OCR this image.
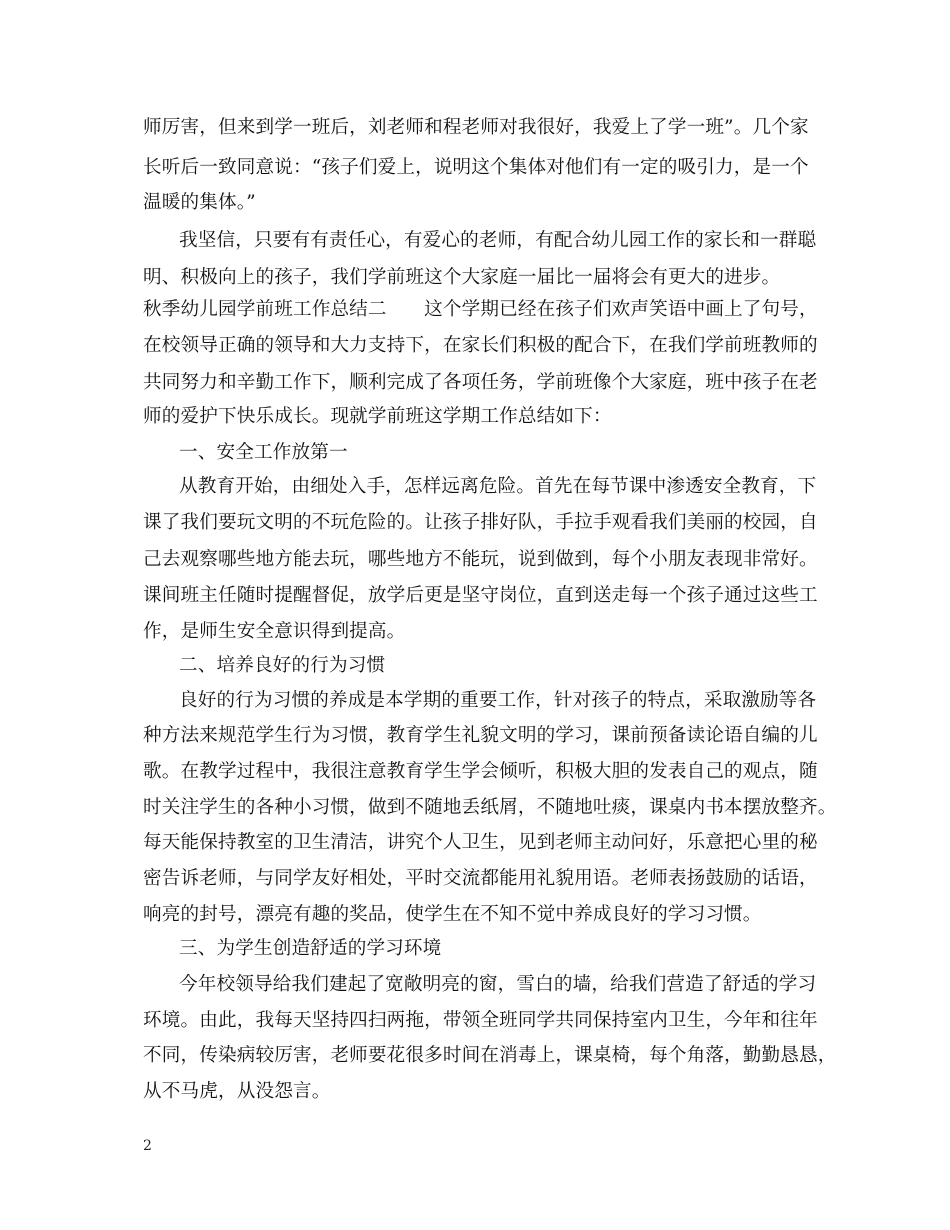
师厉害，但来到学一班后，刘老师和程老师对我很好，我爱上了学一班”。几个家
长听后一致同意说：“孩子们爱上，说明这个集体对他们有一定的吸引力，是一个
温暖的集体。”
我坚信，只要有有责任心，有爱心的老师，有配合幼儿园工作的家长和一群聪
明、积极向上的孩子，我们学前班这个大家庭一届比一届将会有更大的进步。
秋季幼儿园学前班工作总结二　　这个学期已经在孩子们欢声笑语中画上了句号，
在校领导正确的领导和大力支持下，在家长们积极的配合下，在我们学前班教师的
共同努力和辛勤工作下，顺利完成了各项任务，学前班像个大家庭，班中孩子在老
师的爱护下快乐成长。现就学前班这学期工作总结如下：
一、安全工作放第一
从教育开始，由细处入手，怎样远离危险。首先在每节课中渗透安全教育，下
课了我们要玩文明的不玩危险的。让孩子排好队，手拉手观看我们美丽的校园，自
己去观察哪些地方能去玩，哪些地方不能玩，说到做到，每个小朋友表现非常好。
课间班主任随时提醒督促，放学后更是坚守岗位，直到送走每一个孩子通过这些工
作，是师生安全意识得到提高。
二、培养良好的行为习惯
良好的行为习惯的养成是本学期的重要工作，针对孩子的特点，采取激励等各
种方法来规范学生行为习惯，教育学生礼貌文明的学习，课前预备读论语自编的儿
歌。在教学过程中，我很注意教育学生学会倾听，积极大胆的发表自己的观点，随
时关注学生的各种小习惯，做到不随地丢纸屑，不随地吐痰，课桌内书本摆放整齐。
每天能保持教室的卫生清洁，讲究个人卫生，见到老师主动问好，乐意把心里的秘
密告诉老师，与同学友好相处，平时交流都能用礼貌用语。老师表扬鼓励的话语，
响亮的封号，漂亮有趣的奖品，使学生在不知不觉中养成良好的学习习惯。
三、为学生创造舒适的学习环境
今年校领导给我们建起了宽敞明亮的窗，雪白的墙，给我们营造了舒适的学习
环境。由此，我每天坚持四扫两拖，带领全班同学共同保持室内卫生，今年和往年
不同，传染病较厉害，老师要花很多时间在消毒上，课桌椅，每个角落，勤勤恳恳，
从不马虎，从没怨言。
2
